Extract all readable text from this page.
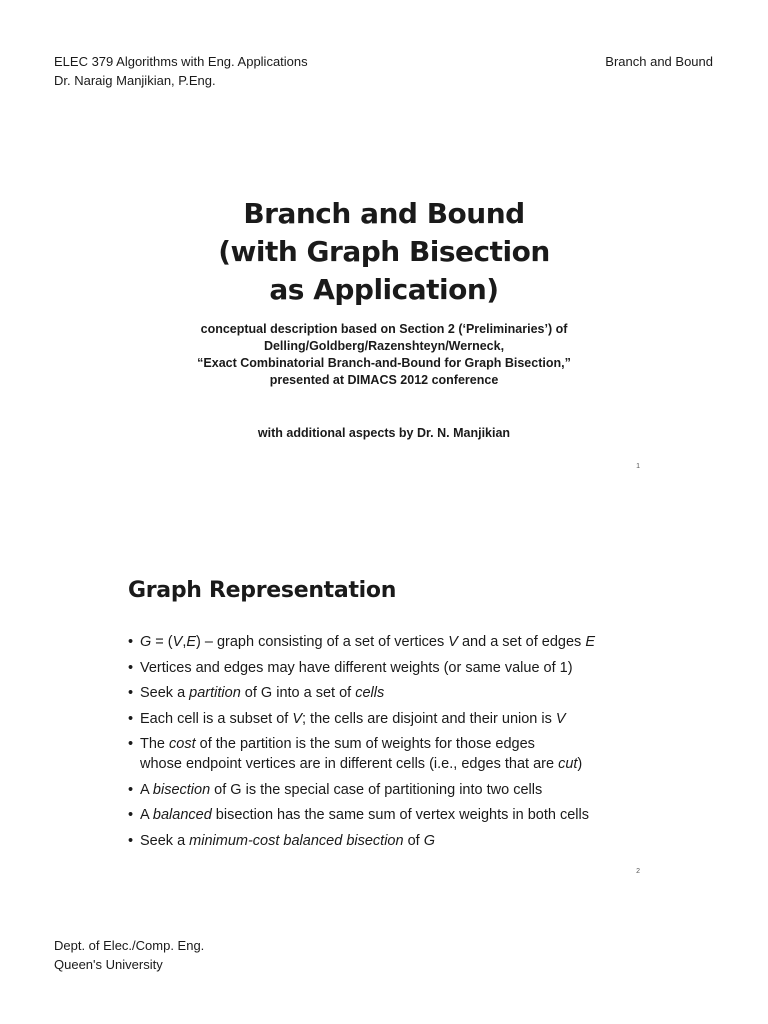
ELEC 379 Algorithms with Eng. Applications
Dr. Naraig Manjikian, P.Eng.
Branch and Bound
Branch and Bound
(with Graph Bisection
as Application)
conceptual description based on Section 2 (‘Preliminaries’) of
Delling/Goldberg/Razenshteyn/Werneck,
“Exact Combinatorial Branch-and-Bound for Graph Bisection,”
presented at DIMACS 2012 conference
with additional aspects by Dr. N. Manjikian
1
Graph Representation
• G = (V,E) – graph consisting of a set of vertices V and a set of edges E
• Vertices and edges may have different weights (or same value of 1)
• Seek a partition of G into a set of cells
• Each cell is a subset of V; the cells are disjoint and their union is V
• The cost of the partition is the sum of weights for those edges
whose endpoint vertices are in different cells (i.e., edges that are cut)
• A bisection of G is the special case of partitioning into two cells
• A balanced bisection has the same sum of vertex weights in both cells
• Seek a minimum-cost balanced bisection of G
2
Dept. of Elec./Comp. Eng.
Queen's University
